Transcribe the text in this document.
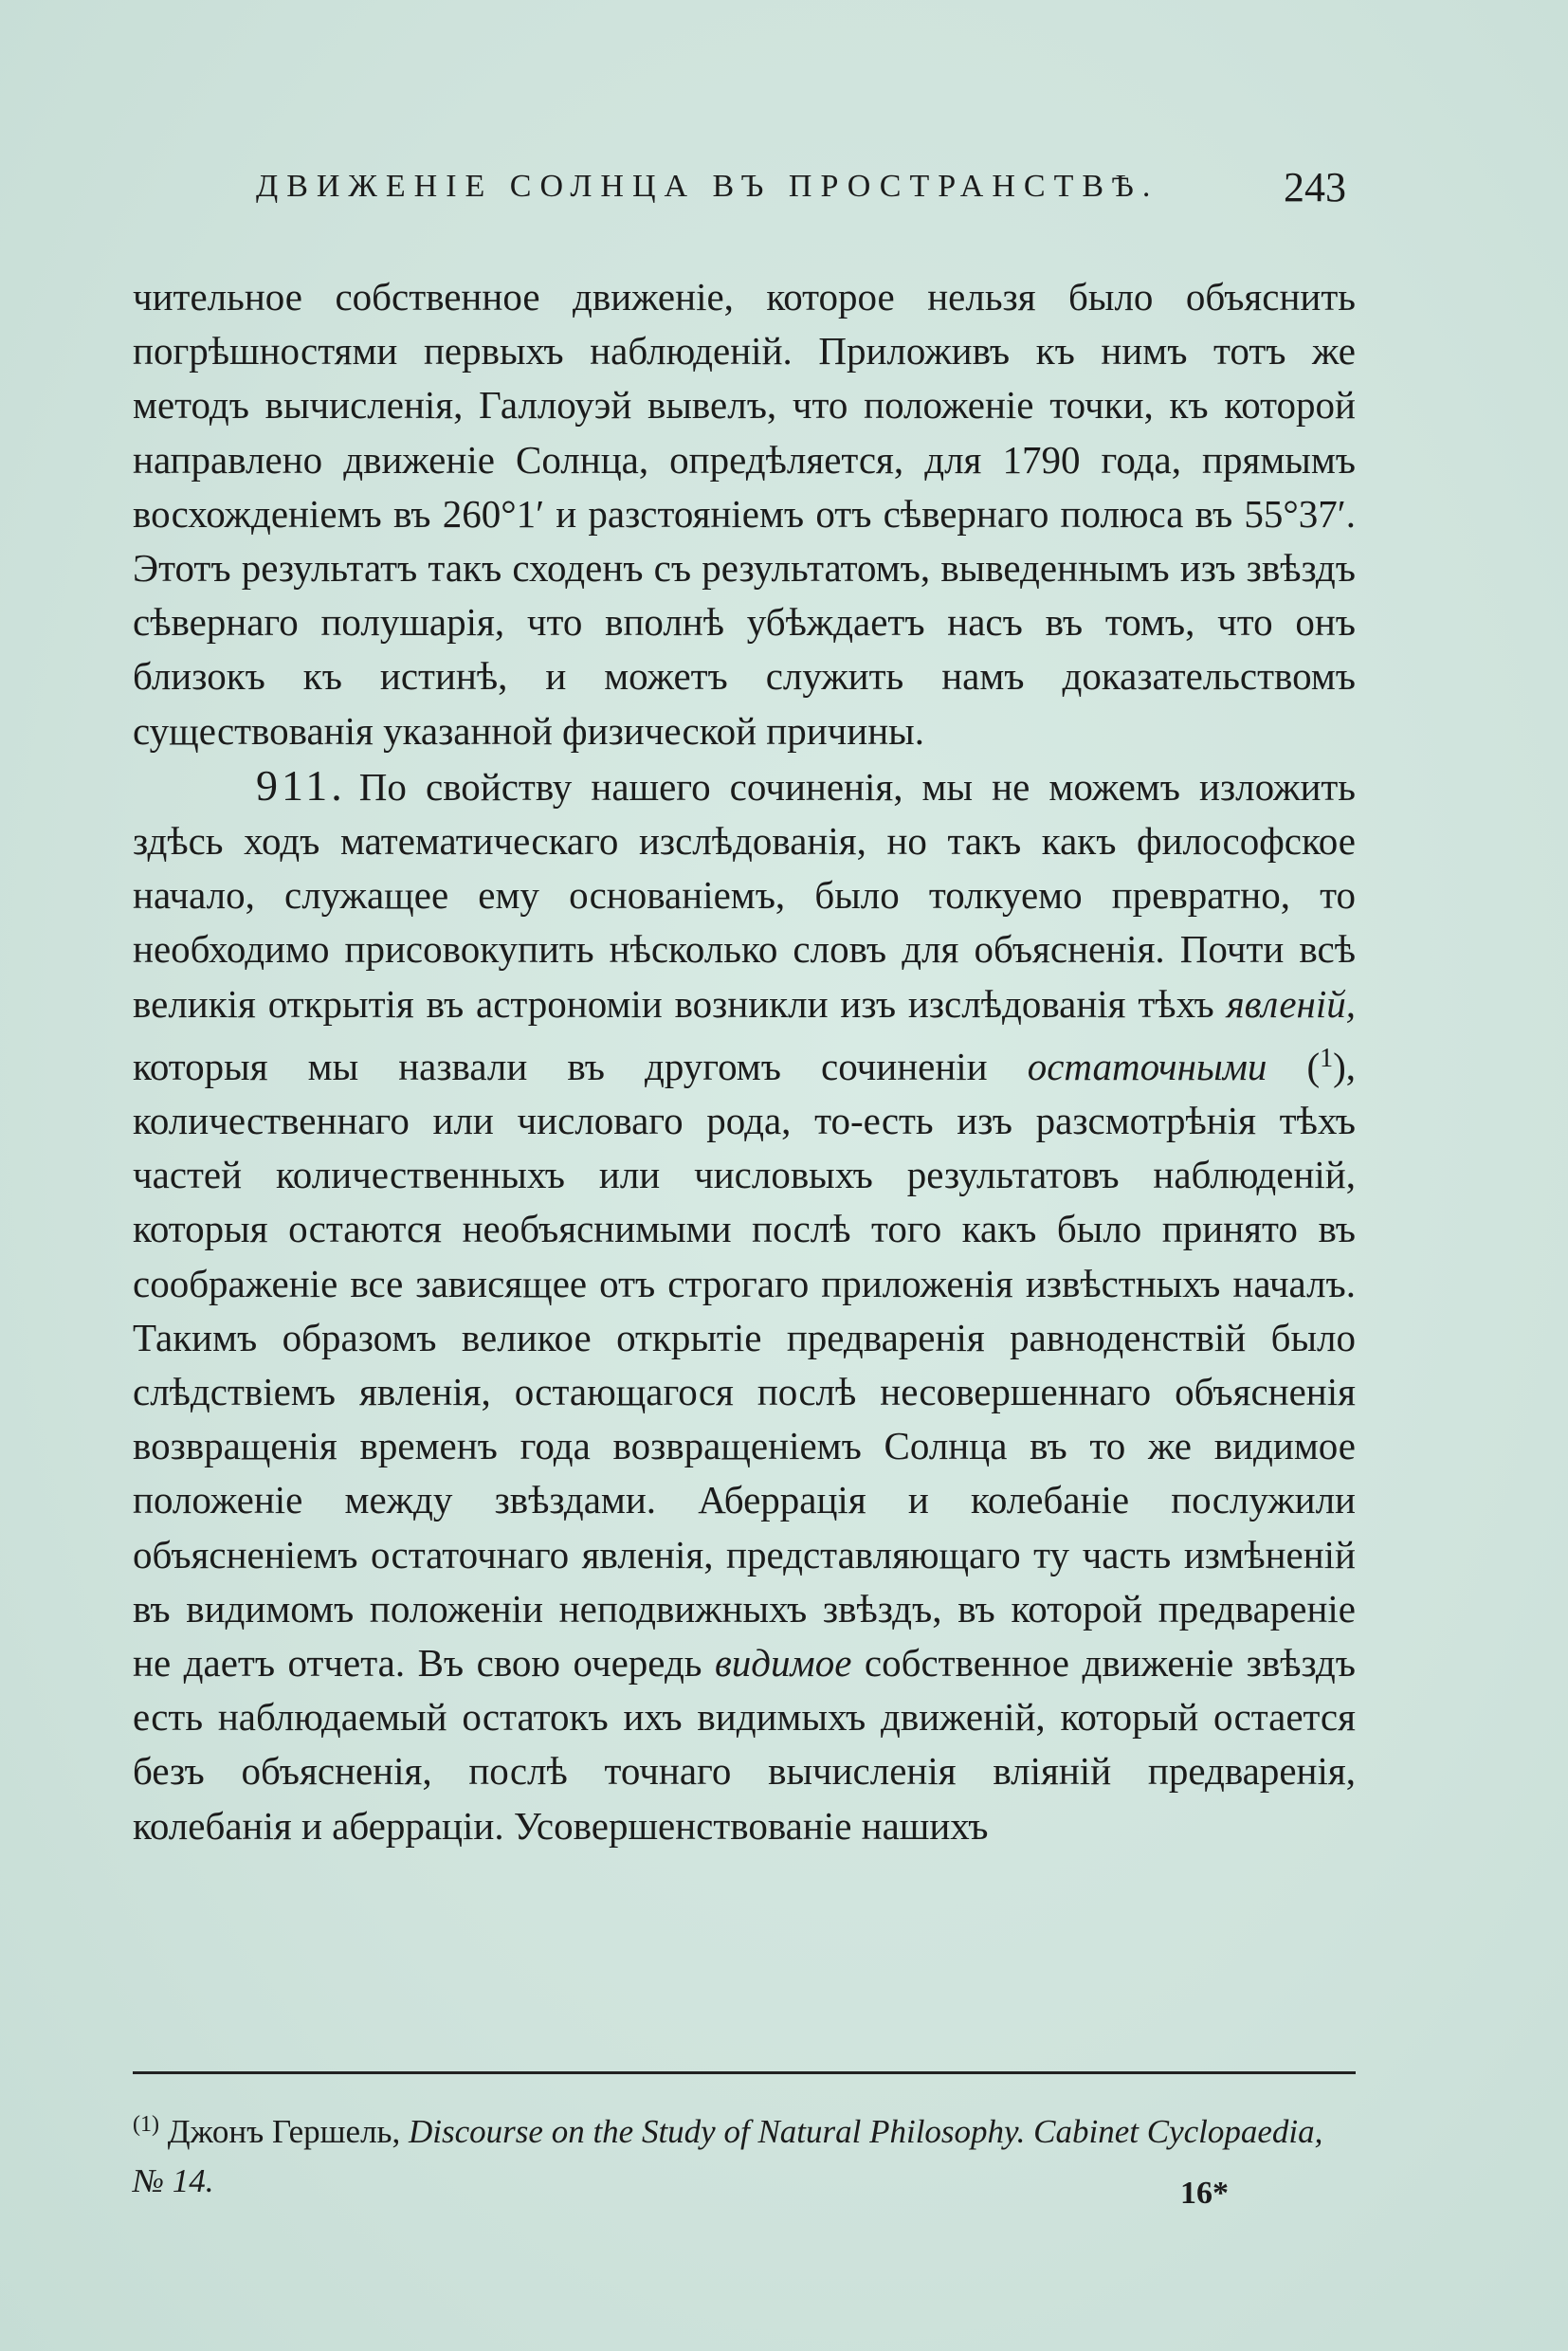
ДВИЖЕНІЕ СОЛНЦА ВЪ ПРОСТРАНСТВѢ.	243

чительное собственное движеніе, которое нельзя было объяснить погрѣшностями первыхъ наблюденій. Приложивъ къ нимъ тотъ же методъ вычисленія, Галлоуэй вывелъ, что положеніе точки, къ которой направлено движеніе Солнца, опредѣляется, для 1790 года, прямымъ восхожденіемъ въ 260°1′ и разстояніемъ отъ сѣвернаго полюса въ 55°37′. Этотъ результатъ такъ сходенъ съ результатомъ, выведеннымъ изъ звѣздъ сѣвернаго полушарія, что вполнѣ убѣждаетъ насъ въ томъ, что онъ близокъ къ истинѣ, и можетъ служить намъ доказательствомъ существованія указанной физической причины.

911. По свойству нашего сочиненія, мы не можемъ изложить здѣсь ходъ математическаго изслѣдованія, но такъ какъ философское начало, служащее ему основаніемъ, было толкуемо превратно, то необходимо присовокупить нѣсколько словъ для объясненія. Почти всѣ великія открытія въ астрономіи возникли изъ изслѣдованія тѣхъ явленій, которыя мы назвали въ другомъ сочиненіи остаточными ($^1$), количественнаго или числоваго рода, то-есть изъ разсмотрѣнія тѣхъ частей количественныхъ или числовыхъ результатовъ наблюденій, которыя остаются необъяснимыми послѣ того какъ было принято въ соображеніе все зависящее отъ строгаго приложенія извѣстныхъ началъ. Такимъ образомъ великое открытіе предваренія равноденствій было слѣдствіемъ явленія, остающагося послѣ несовершеннаго объясненія возвращенія временъ года возвращеніемъ Солнца въ то же видимое положеніе между звѣздами. Аберрація и колебаніе послужили объясненіемъ остаточнаго явленія, представляющаго ту часть измѣненій въ видимомъ положеніи неподвижныхъ звѣздъ, въ которой предвареніе не даетъ отчета. Въ свою очередь видимое собственное движеніе звѣздъ есть наблюдаемый остатокъ ихъ видимыхъ движеній, который остается безъ объясненія, послѣ точнаго вычисленія вліяній предваренія, колебанія и аберраціи. Усовершенствованіе нашихъ

$^{(1)}$ Джонъ Гершель, Discourse on the Study of Natural Philosophy. Cabinet Cyclopaedia, № 14.	16*
